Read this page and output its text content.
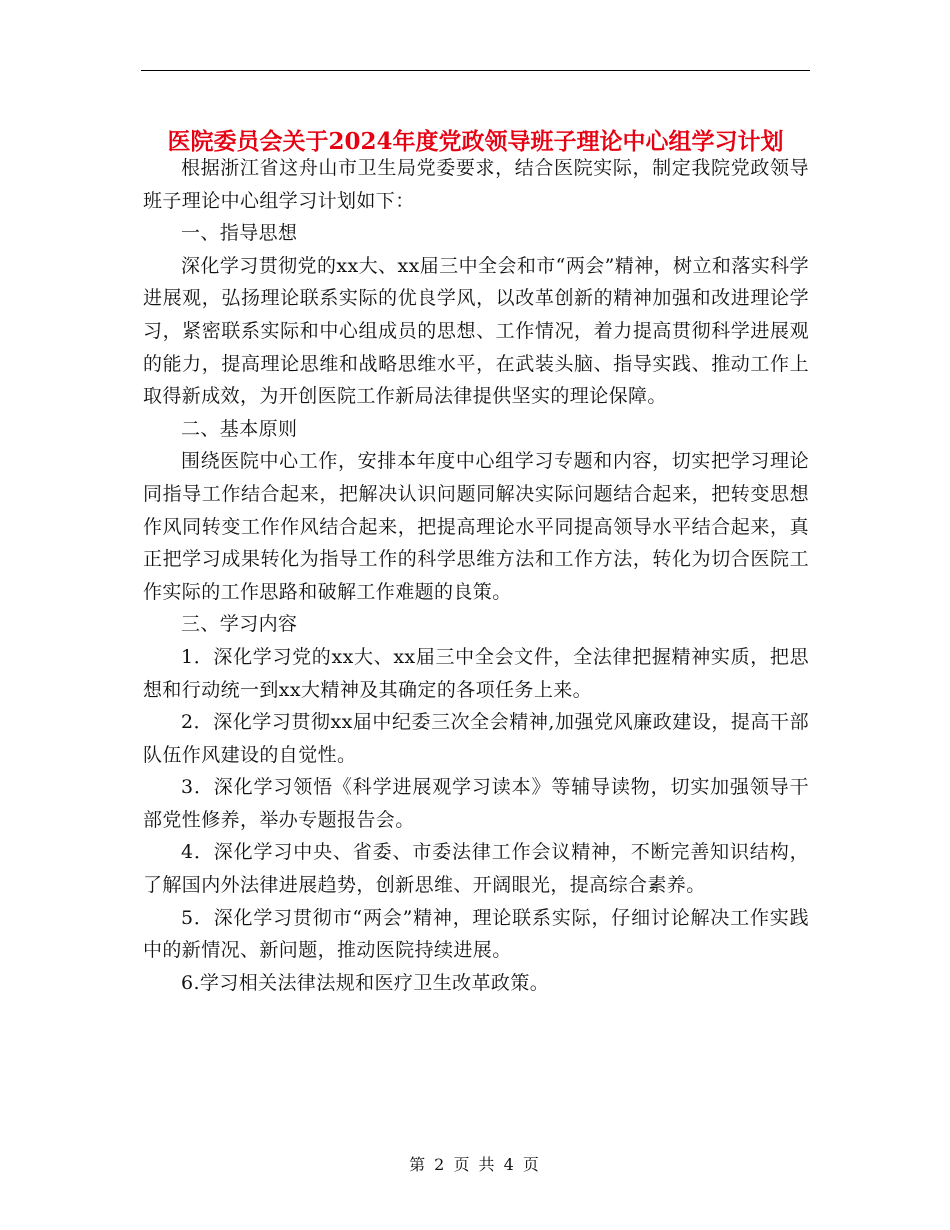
医院委员会关于2024年度党政领导班子理论中心组学习计划

根据浙江省这舟山市卫生局党委要求，结合医院实际，制定我院党政领导班子理论中心组学习计划如下：

一、指导思想

深化学习贯彻党的xx大、xx届三中全会和市“两会”精神，树立和落实科学进展观，弘扬理论联系实际的优良学风，以改革创新的精神加强和改进理论学习，紧密联系实际和中心组成员的思想、工作情况，着力提高贯彻科学进展观的能力，提高理论思维和战略思维水平，在武装头脑、指导实践、推动工作上取得新成效，为开创医院工作新局法律提供坚实的理论保障。

二、基本原则

围绕医院中心工作，安排本年度中心组学习专题和内容，切实把学习理论同指导工作结合起来，把解决认识问题同解决实际问题结合起来，把转变思想作风同转变工作作风结合起来，把提高理论水平同提高领导水平结合起来，真正把学习成果转化为指导工作的科学思维方法和工作方法，转化为切合医院工作实际的工作思路和破解工作难题的良策。

三、学习内容

1．深化学习党的xx大、xx届三中全会文件，全法律把握精神实质，把思想和行动统一到xx大精神及其确定的各项任务上来。

2．深化学习贯彻xx届中纪委三次全会精神,加强党风廉政建设，提高干部队伍作风建设的自觉性。

3．深化学习领悟《科学进展观学习读本》等辅导读物，切实加强领导干部党性修养，举办专题报告会。

4．深化学习中央、省委、市委法律工作会议精神，不断完善知识结构，了解国内外法律进展趋势，创新思维、开阔眼光，提高综合素养。

5．深化学习贯彻市“两会”精神，理论联系实际，仔细讨论解决工作实践中的新情况、新问题，推动医院持续进展。

6.学习相关法律法规和医疗卫生改革政策。

第 2 页 共 4 页
